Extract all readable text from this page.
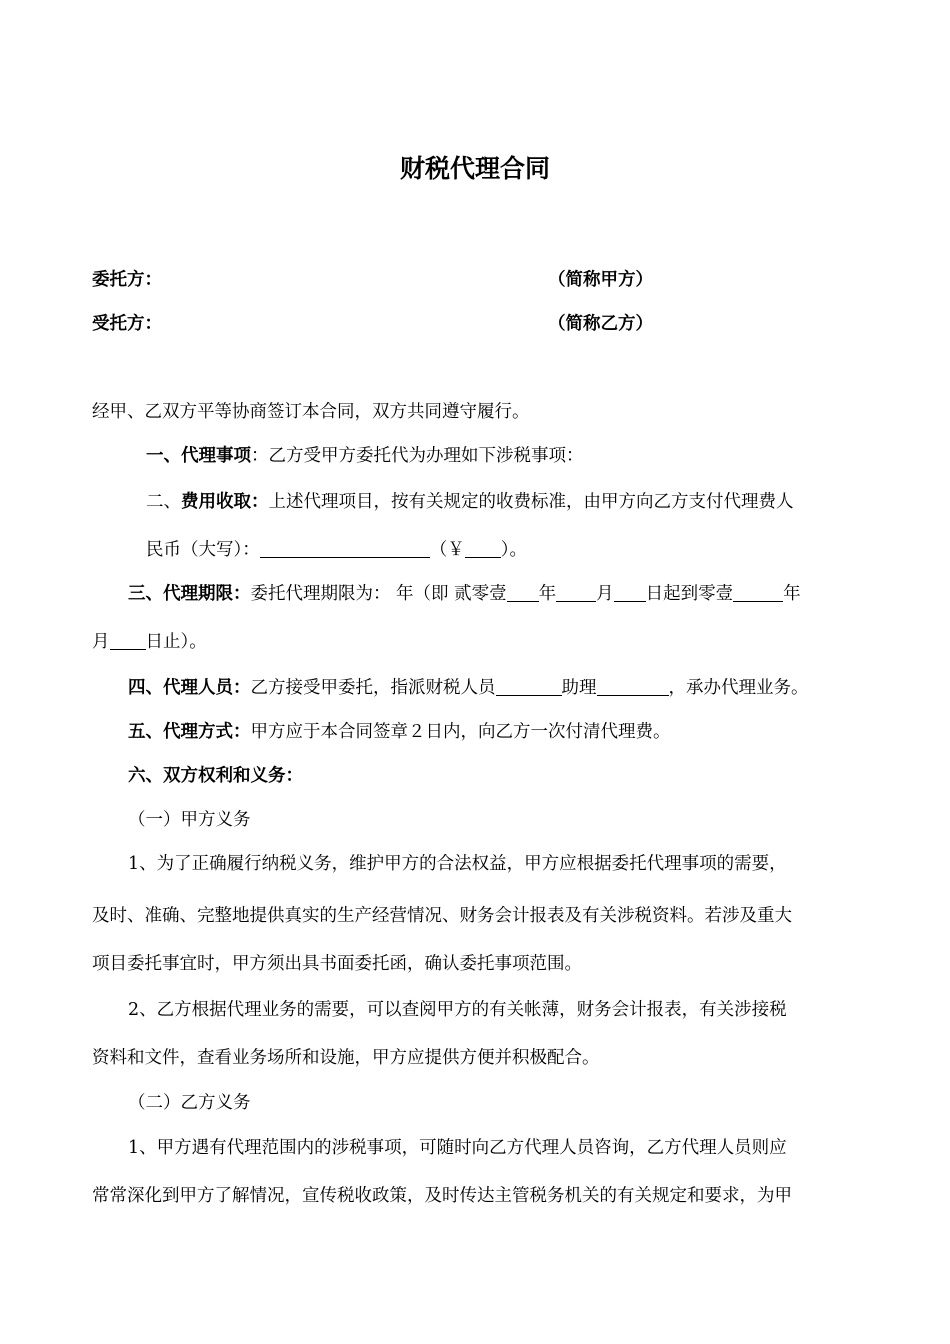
财税代理合同
委托方：	（简称甲方）
受托方：	（简称乙方）
经甲、乙双方平等协商签订本合同，双方共同遵守履行。
一、代理事项：乙方受甲方委托代为办理如下涉税事项：
二、费用收取：上述代理项目，按有关规定的收费标准，由甲方向乙方支付代理费人
民币（大写）：	（￥ ）。
三、代理期限：委托代理期限为： 年（即 贰零壹 年 月 日起到零壹	年
月 日止）。
四、代理人员：乙方接受甲委托，指派财税人员	助理	，承办代理业务。
五、代理方式：甲方应于本合同签章２日内，向乙方一次付清代理费。
六、双方权利和义务：
（一）甲方义务
1、为了正确履行纳税义务，维护甲方的合法权益，甲方应根据委托代理事项的需要，
及时、准确、完整地提供真实的生产经营情况、财务会计报表及有关涉税资料。若涉及重大
项目委托事宜时，甲方须出具书面委托函，确认委托事项范围。
2、乙方根据代理业务的需要，可以查阅甲方的有关帐薄，财务会计报表，有关涉接税
资料和文件，查看业务场所和设施，甲方应提供方便并积极配合。
（二）乙方义务
1、甲方遇有代理范围内的涉税事项，可随时向乙方代理人员咨询，乙方代理人员则应
常常深化到甲方了解情况，宣传税收政策，及时传达主管税务机关的有关规定和要求，为甲
